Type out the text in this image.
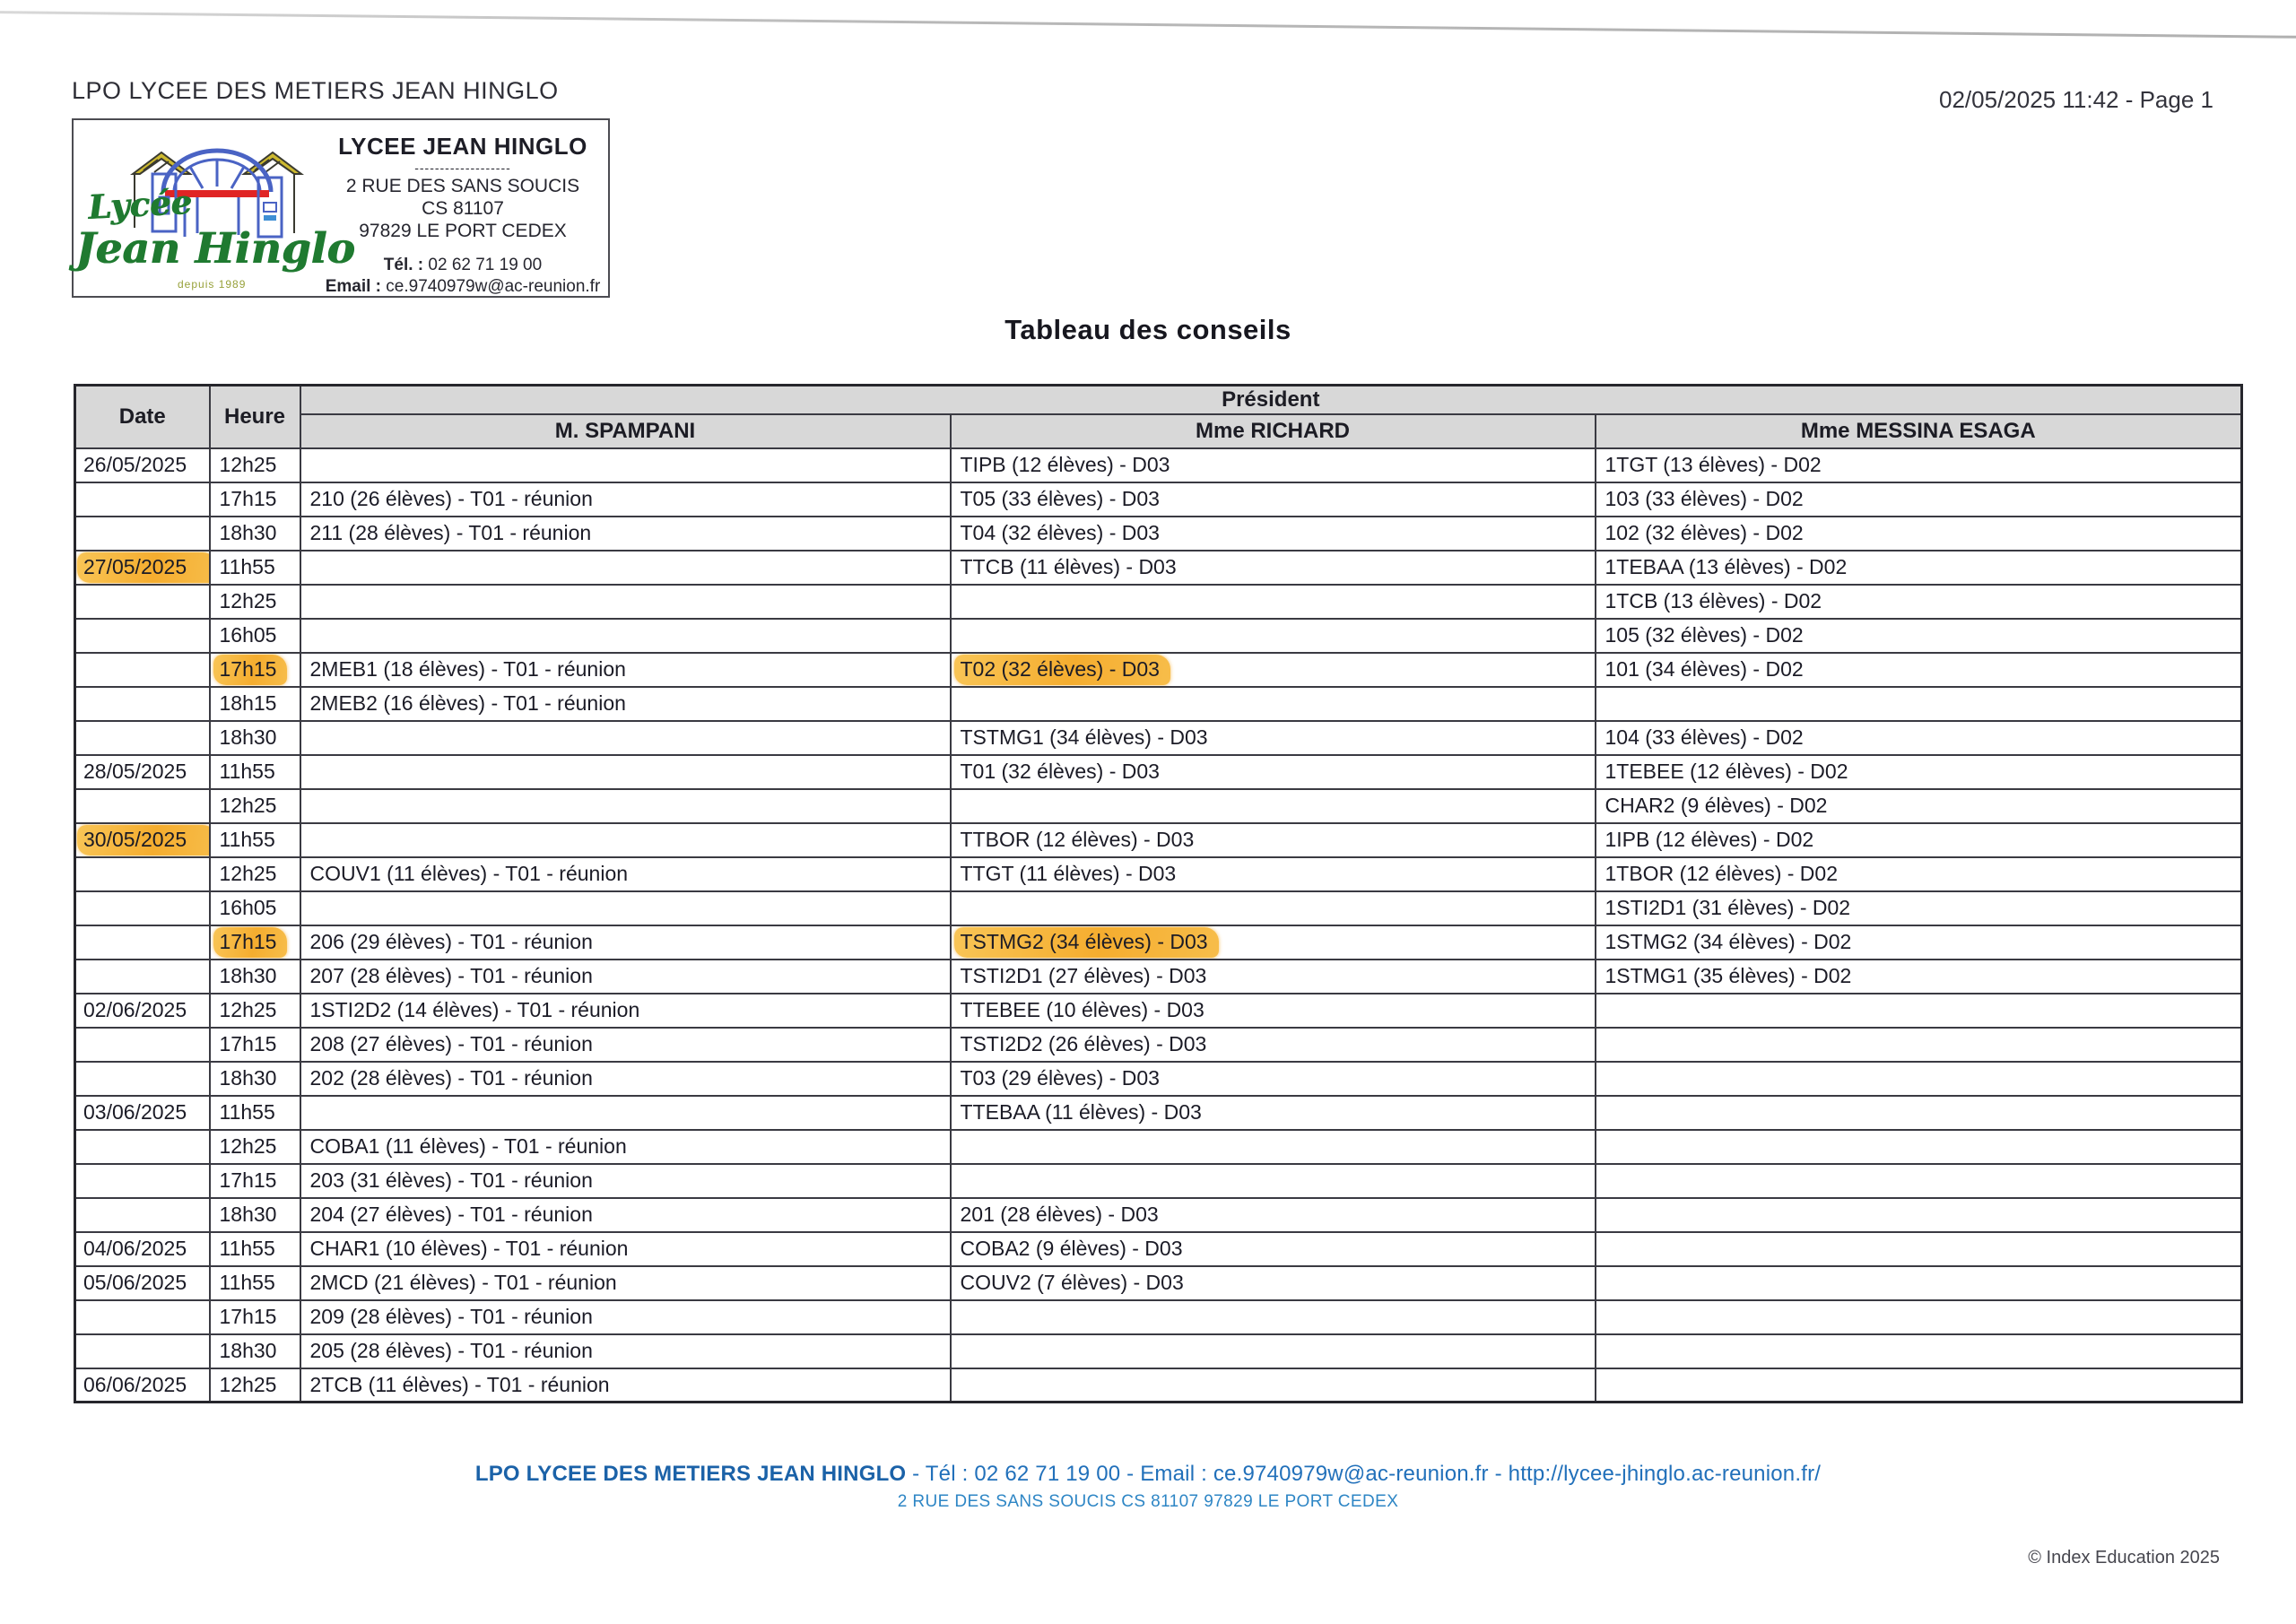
LPO LYCEE DES METIERS JEAN HINGLO	02/05/2025 11:42 - Page 1
Lycée
Jean Hinglo
depuis 1989
LYCEE JEAN HINGLO
-------------------
2 RUE DES SANS SOUCIS
CS 81107
97829 LE PORT CEDEX
Tél. : 02 62 71 19 00
Email : ce.9740979w@ac-reunion.fr
Tableau des conseils
Date	Heure	Président		
		M. SPAMPANI	Mme RICHARD	Mme MESSINA ESAGA
26/05/2025	12h25		TIPB (12 élèves) - D03	1TGT (13 élèves) - D02
	17h15	210 (26 élèves) - T01 - réunion	T05 (33 élèves) - D03	103 (33 élèves) - D02
	18h30	211 (28 élèves) - T01 - réunion	T04 (32 élèves) - D03	102 (32 élèves) - D02
27/05/2025	11h55		TTCB (11 élèves) - D03	1TEBAA (13 élèves) - D02
	12h25			1TCB (13 élèves) - D02
	16h05			105 (32 élèves) - D02
	17h15	2MEB1 (18 élèves) - T01 - réunion	T02 (32 élèves) - D03	101 (34 élèves) - D02
	18h15	2MEB2 (16 élèves) - T01 - réunion		
	18h30		TSTMG1 (34 élèves) - D03	104 (33 élèves) - D02
28/05/2025	11h55		T01 (32 élèves) - D03	1TEBEE (12 élèves) - D02
	12h25			CHAR2 (9 élèves) - D02
30/05/2025	11h55		TTBOR (12 élèves) - D03	1IPB (12 élèves) - D02
	12h25	COUV1 (11 élèves) - T01 - réunion	TTGT (11 élèves) - D03	1TBOR (12 élèves) - D02
	16h05			1STI2D1 (31 élèves) - D02
	17h15	206 (29 élèves) - T01 - réunion	TSTMG2 (34 élèves) - D03	1STMG2 (34 élèves) - D02
	18h30	207 (28 élèves) - T01 - réunion	TSTI2D1 (27 élèves) - D03	1STMG1 (35 élèves) - D02
02/06/2025	12h25	1STI2D2 (14 élèves) - T01 - réunion	TTEBEE (10 élèves) - D03	
	17h15	208 (27 élèves) - T01 - réunion	TSTI2D2 (26 élèves) - D03	
	18h30	202 (28 élèves) - T01 - réunion	T03 (29 élèves) - D03	
03/06/2025	11h55		TTEBAA (11 élèves) - D03	
	12h25	COBA1 (11 élèves) - T01 - réunion		
	17h15	203 (31 élèves) - T01 - réunion		
	18h30	204 (27 élèves) - T01 - réunion	201 (28 élèves) - D03	
04/06/2025	11h55	CHAR1 (10 élèves) - T01 - réunion	COBA2 (9 élèves) - D03	
05/06/2025	11h55	2MCD (21 élèves) - T01 - réunion	COUV2 (7 élèves) - D03	
	17h15	209 (28 élèves) - T01 - réunion		
	18h30	205 (28 élèves) - T01 - réunion		
06/06/2025	12h25	2TCB (11 élèves) - T01 - réunion		
LPO LYCEE DES METIERS JEAN HINGLO - Tél : 02 62 71 19 00 - Email : ce.9740979w@ac-reunion.fr - http://lycee-jhinglo.ac-reunion.fr/
2 RUE DES SANS SOUCIS CS 81107 97829 LE PORT CEDEX
© Index Education 2025
